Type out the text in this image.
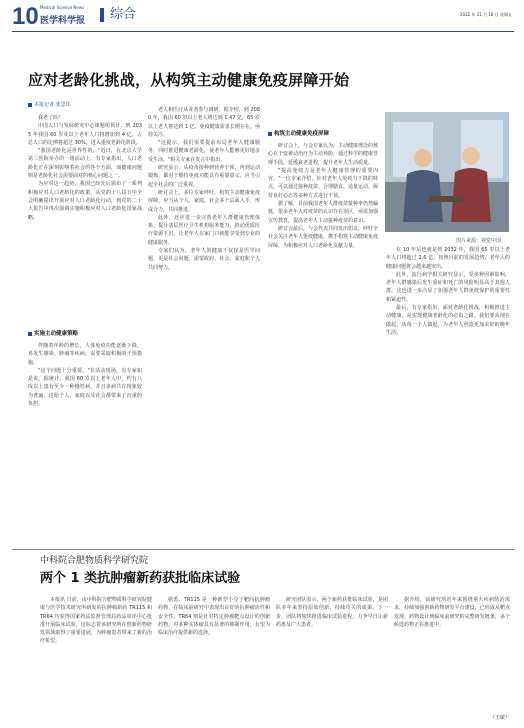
10 Medical Science News
医学科学报 综合	2022 年 11 月 18 日 星期五
应对老龄化挑战，从构筑主动健康免疫屏障开始
本报记者 张思玮

我老了吗？

中国人口与发展研究中心课题组预计，到 2035 年我国 60 岁及以上老年人口将增加到 4 亿，占总人口的比例将超过 30%，进入重度老龄化阶段。

"我国老龄化是世界性的。"近日，在北京大学第三医院举办的一场活动上，有专家指出，人口老龄化正在深刻影响着社会的各个方面，而健康问题则是老龄化社会需要面对的核心问题之一。

为应对这一趋势，我国已经先后颁布了一系列积极应对人口老龄化的政策，从党的十八届五中全会明确提出开展应对人口老龄化行动，到党的二十大报告中再次强调实施积极应对人口老龄化国家战略。

实施主动健康策略

伴随着年龄的增长，人体免疫功能逐渐下降，易发生感染、肿瘤等疾病，需要采取积极的干预措施。

"这个问题十分重要。"在活动现场，有专家如是说。据统计，我国 60 岁以上老年人中，约有八成以上患有至少一种慢性病，并且多病共存现象较为普遍，这给个人、家庭以及社会都带来了沉重的负担。

老人和医疗从业者参与调研。据介绍，到 2080 年，我国 60 岁以上老人将达到 1.47 亿，65 岁以上老人将达到 1 亿，免疫健康需求长期存在，亟待关注。

"这提示，我们需要提前布局老年人健康服务，同时推进健康老龄化，使老年人能够更好地享受生活。"相关专家在发言中指出。

研究显示，从疫苗接种到营养干预，再到运动锻炼，都对于维持免疫功能具有重要意义，应当引起全社会的广泛重视。

研讨会上，多位专家呼吁，构筑主动健康免疫屏障，应当从个人、家庭、社会多个层面入手，形成合力，共同推进。

此外，还应进一步完善老年人群健康管理体系，提升基层医疗卫生机构服务能力，推动优质医疗资源下沉，让老年人在家门口就能享受到专业的健康服务。

专家们认为，老年人的健康不仅仅是医学问题，更是社会问题，需要政府、社会、家庭和个人共同努力。

构筑主动健康免疫屏障

研讨会上，与会专家认为，主动健康理念的核心在于变被动治疗为主动预防，通过科学的健康管理手段，延缓衰老进程，提升老年人生活质量。

"提高免疫力是老年人健康管理的重要内容。"一位专家介绍，针对老年人免疫力下降的特点，可以通过接种疫苗、合理膳食、适量运动、保持良好心态等多种方式进行干预。

据了解，目前我国老年人群疫苗接种率仍然偏低，很多老年人对疫苗的认识存在误区，亟需加强宣传教育，提高老年人主动接种疫苗的意识。

研讨会最后，与会代表共同发出倡议，呼吁全社会关注老年人免疫健康，携手构筑主动健康免疫屏障，为积极应对人口老龄化贡献力量。

图片来源：视觉中国

在 10 年后也就是到 2032 年，我国 65 岁以上老年人口将超过 2.6 亿。按照目前的发展趋势，老年人的健康问题将会越来越突出。

此外，流行病学相关研究显示，受多种因素影响，老年人群感染后发生重症和死亡的风险明显高于其他人群，这也进一步凸显了加强老年人群免疫保护的重要性和紧迫性。

最后，有专家指出，面对老龄化挑战，积极推进主动健康，是实现健康老龄化的必由之路。我们要从现在做起，从每一个人做起，为老年人创造更加美好的晚年生活。

中科院合肥物质科学研究院
两个 1 类抗肿瘤新药获批临床试验

本报讯 日前，由中科院合肥物质科学研究院健康与医学技术研究所研发的抗肿瘤新药 TR115 和 TR64 均获得国家药品监督管理局药品审评中心批准开展临床试验，这标志着该研究所在创新药物研发领域取得了重要进展，为肿瘤患者带来了新的治疗希望。

据悉，TR115 是一种新型小分子靶向抗肿瘤药物，在临床前研究中表现出良好的抗肿瘤活性和安全性。TR64 则是针对特定肿瘤靶点设计的创新药物，对多种实体瘤具有显著的抑制作用，有望为临床治疗提供新的选择。

研究团队表示，两个新药获批临床试验，是团队多年来坚持原始创新、持续攻关的成果。下一步，团队将加快推进临床试验进程，力争早日让新药惠及广大患者。

据介绍，该研究所近年来围绕重大疾病防治需求，持续加强创新药物研发平台建设，已形成从靶点发现、药物设计到临床前研究的完整研发链条，多个候选药物正在推进中。

（王敏）
